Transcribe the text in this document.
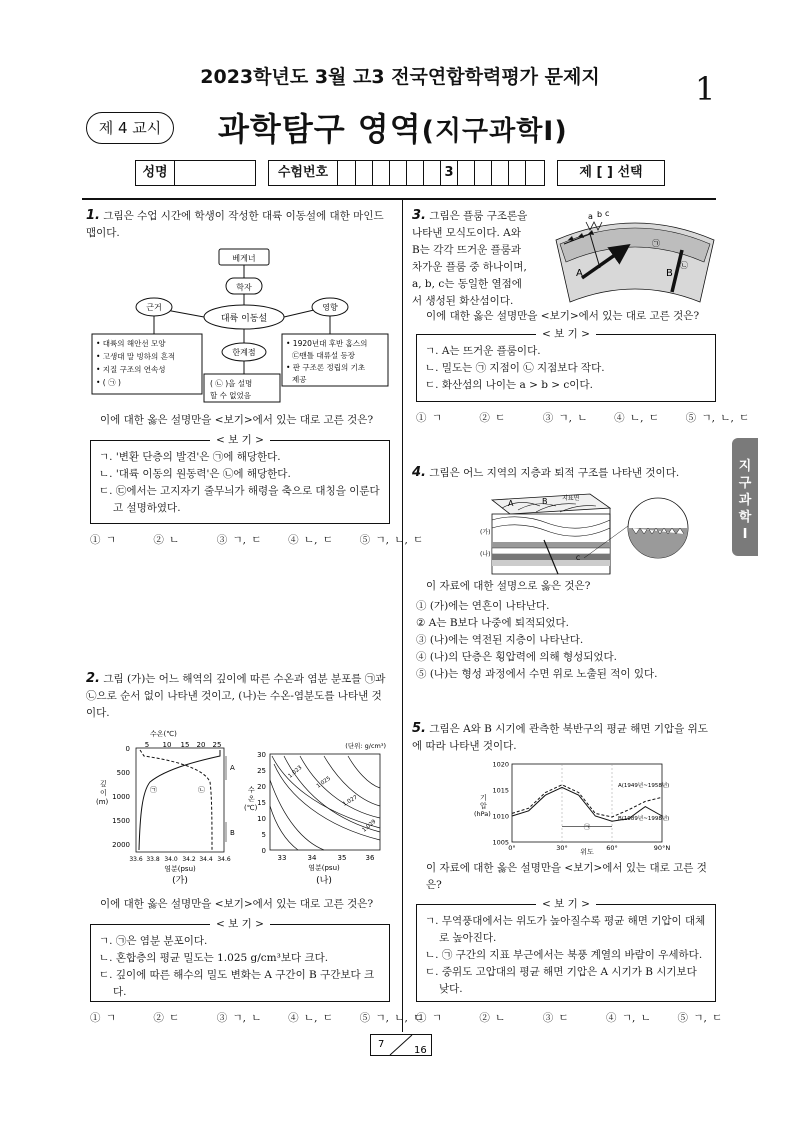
2023학년도 3월 고3 전국연합학력평가 문제지	1
제 4 교시	과학탐구 영역(지구과학Ⅰ)
성명	수험번호	3	제 [ ] 선택
지
구
과
학
Ⅰ
1. 그림은 수업 시간에 학생이 작성한 대륙 이동설에 대한 마인드 맵이다.
베게너
학자
대륙 이동설
근거	영향
한계점
• 대륙의 해안선 모양
• 고생대 말 빙하의 흔적
• 지질 구조의 연속성
• ( ㉠ )	( ㉡ )을 설명
할 수 없었음
• 1920년대 후반 홈스의
㉢맨틀 대류설 등장
• 판 구조론 정립의 기초
제공
이에 대한 옳은 설명만을 <보기>에서 있는 대로 고른 것은?
< 보 기 >
ㄱ. '변환 단층의 발견'은 ㉠에 해당한다.
ㄴ. '대륙 이동의 원동력'은 ㉡에 해당한다.
ㄷ. ㉢에서는 고지자기 줄무늬가 해령을 축으로 대칭을 이룬다고 설명하였다.
① ㄱ       ② ㄴ       ③ ㄱ, ㄷ     ④ ㄴ, ㄷ     ⑤ ㄱ, ㄴ, ㄷ
2. 그림 (가)는 어느 해역의 깊이에 따른 수온과 염분 분포를 ㉠과 ㉡으로 순서 없이 나타낸 것이고, (나)는 수온-염분도를 나타낸 것이다.
수온(℃)
5 10 15 20 25
0
500
1000
1500
2000
깊
이
(m)
㉠	㉡
A
B
33.6 33.8 34.0 34.2 34.4 34.6
염분(psu)
(가)
(단위: g/cm³)
30
25
20
15
10
5
0
수
온
(℃)
1.023
1.025
1.027
1.029
33	34	35	36
염분(psu)
(나)
이에 대한 옳은 설명만을 <보기>에서 있는 대로 고른 것은?
< 보 기 >
ㄱ. ㉠은 염분 분포이다.
ㄴ. 혼합층의 평균 밀도는 1.025 g/cm³보다 크다.
ㄷ. 깊이에 따른 해수의 밀도 변화는 A 구간이 B 구간보다 크다.
① ㄱ       ② ㄷ       ③ ㄱ, ㄴ     ④ ㄴ, ㄷ     ⑤ ㄱ, ㄴ, ㄷ
3. 그림은 플룸 구조론을
나타낸 모식도이다. A와
B는 각각 뜨거운 플룸과
차가운 플룸 중 하나이며,
a, b, c는 동일한 열점에
서 생성된 화산섬이다.
a b c
A	B
㉠
㉡
이에 대한 옳은 설명만을 <보기>에서 있는 대로 고른 것은?
< 보 기 >
ㄱ. A는 뜨거운 플룸이다.
ㄴ. 밀도는 ㉠ 지점이 ㉡ 지점보다 작다.
ㄷ. 화산섬의 나이는 a > b > c이다.
① ㄱ       ② ㄷ       ③ ㄱ, ㄴ     ④ ㄴ, ㄷ     ⑤ ㄱ, ㄴ, ㄷ
4. 그림은 어느 지역의 지층과 퇴적 구조를 나타낸 것이다.
(가)
(나)
A	B 지표면
C
이 자료에 대한 설명으로 옳은 것은?
① (가)에는 연흔이 나타난다.
② A는 B보다 나중에 퇴적되었다.
③ (나)에는 역전된 지층이 나타난다.
④ (나)의 단층은 횡압력에 의해 형성되었다.
⑤ (나)는 형성 과정에서 수면 위로 노출된 적이 있다.
5. 그림은 A와 B 시기에 관측한 북반구의 평균 해면 기압을 위도에 따라 나타낸 것이다.
1005
1010
1015
1020
0°	30°	60°	90°N
A(1949년~1958년)
B(1989년~1998년)
㉠
기
압
(hPa)
위도
이 자료에 대한 옳은 설명만을 <보기>에서 있는 대로 고른 것은?
< 보 기 >
ㄱ. 무역풍대에서는 위도가 높아질수록 평균 해면 기압이 대체로 높아진다.
ㄴ. ㉠ 구간의 지표 부근에서는 북풍 계열의 바람이 우세하다.
ㄷ. 중위도 고압대의 평균 해면 기압은 A 시기가 B 시기보다 낮다.
① ㄱ       ② ㄴ       ③ ㄷ       ④ ㄱ, ㄴ     ⑤ ㄱ, ㄷ
7
16
